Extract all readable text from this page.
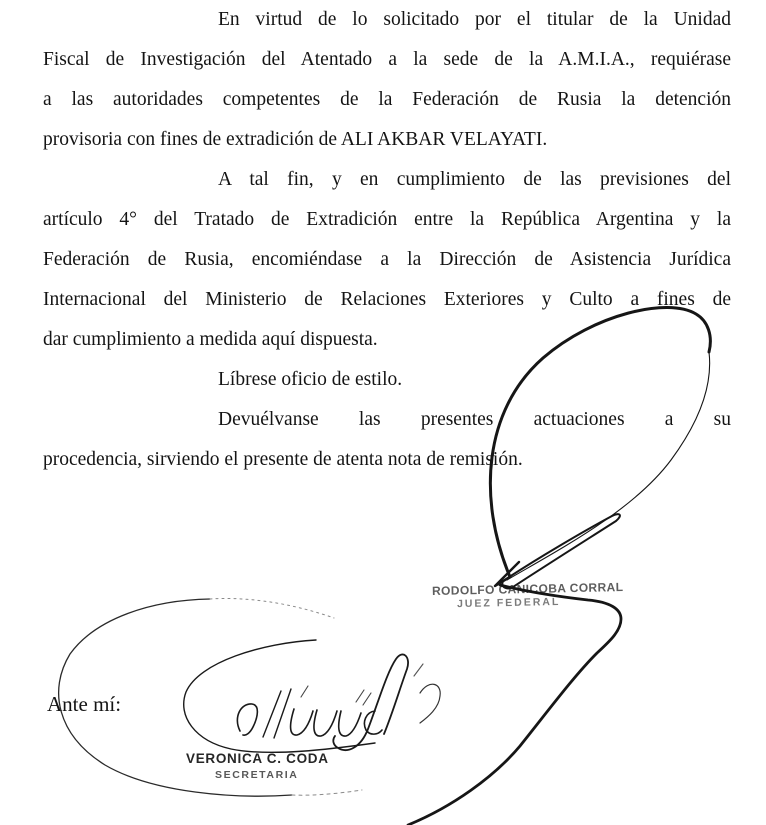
En virtud de lo solicitado por el titular de la Unidad
Fiscal de Investigación del Atentado a la sede de la A.M.I.A., requiérase
a las autoridades competentes de la Federación de Rusia la detención
provisoria con fines de extradición de ALI AKBAR VELAYATI.
A tal fin, y en cumplimiento de las previsiones del
artículo 4° del Tratado de Extradición entre la República Argentina y la
Federación de Rusia, encomiéndase a la Dirección de Asistencia Jurídica
Internacional del Ministerio de Relaciones Exteriores y Culto a fines de
dar cumplimiento a medida aquí dispuesta.
Líbrese oficio de estilo.
Devuélvanse las presentes actuaciones a su
procedencia, sirviendo el presente de atenta nota de remisión.
Ante mí:
RODOLFO CANICOBA CORRAL
JUEZ FEDERAL
VERONICA C. CODA
SECRETARIA
